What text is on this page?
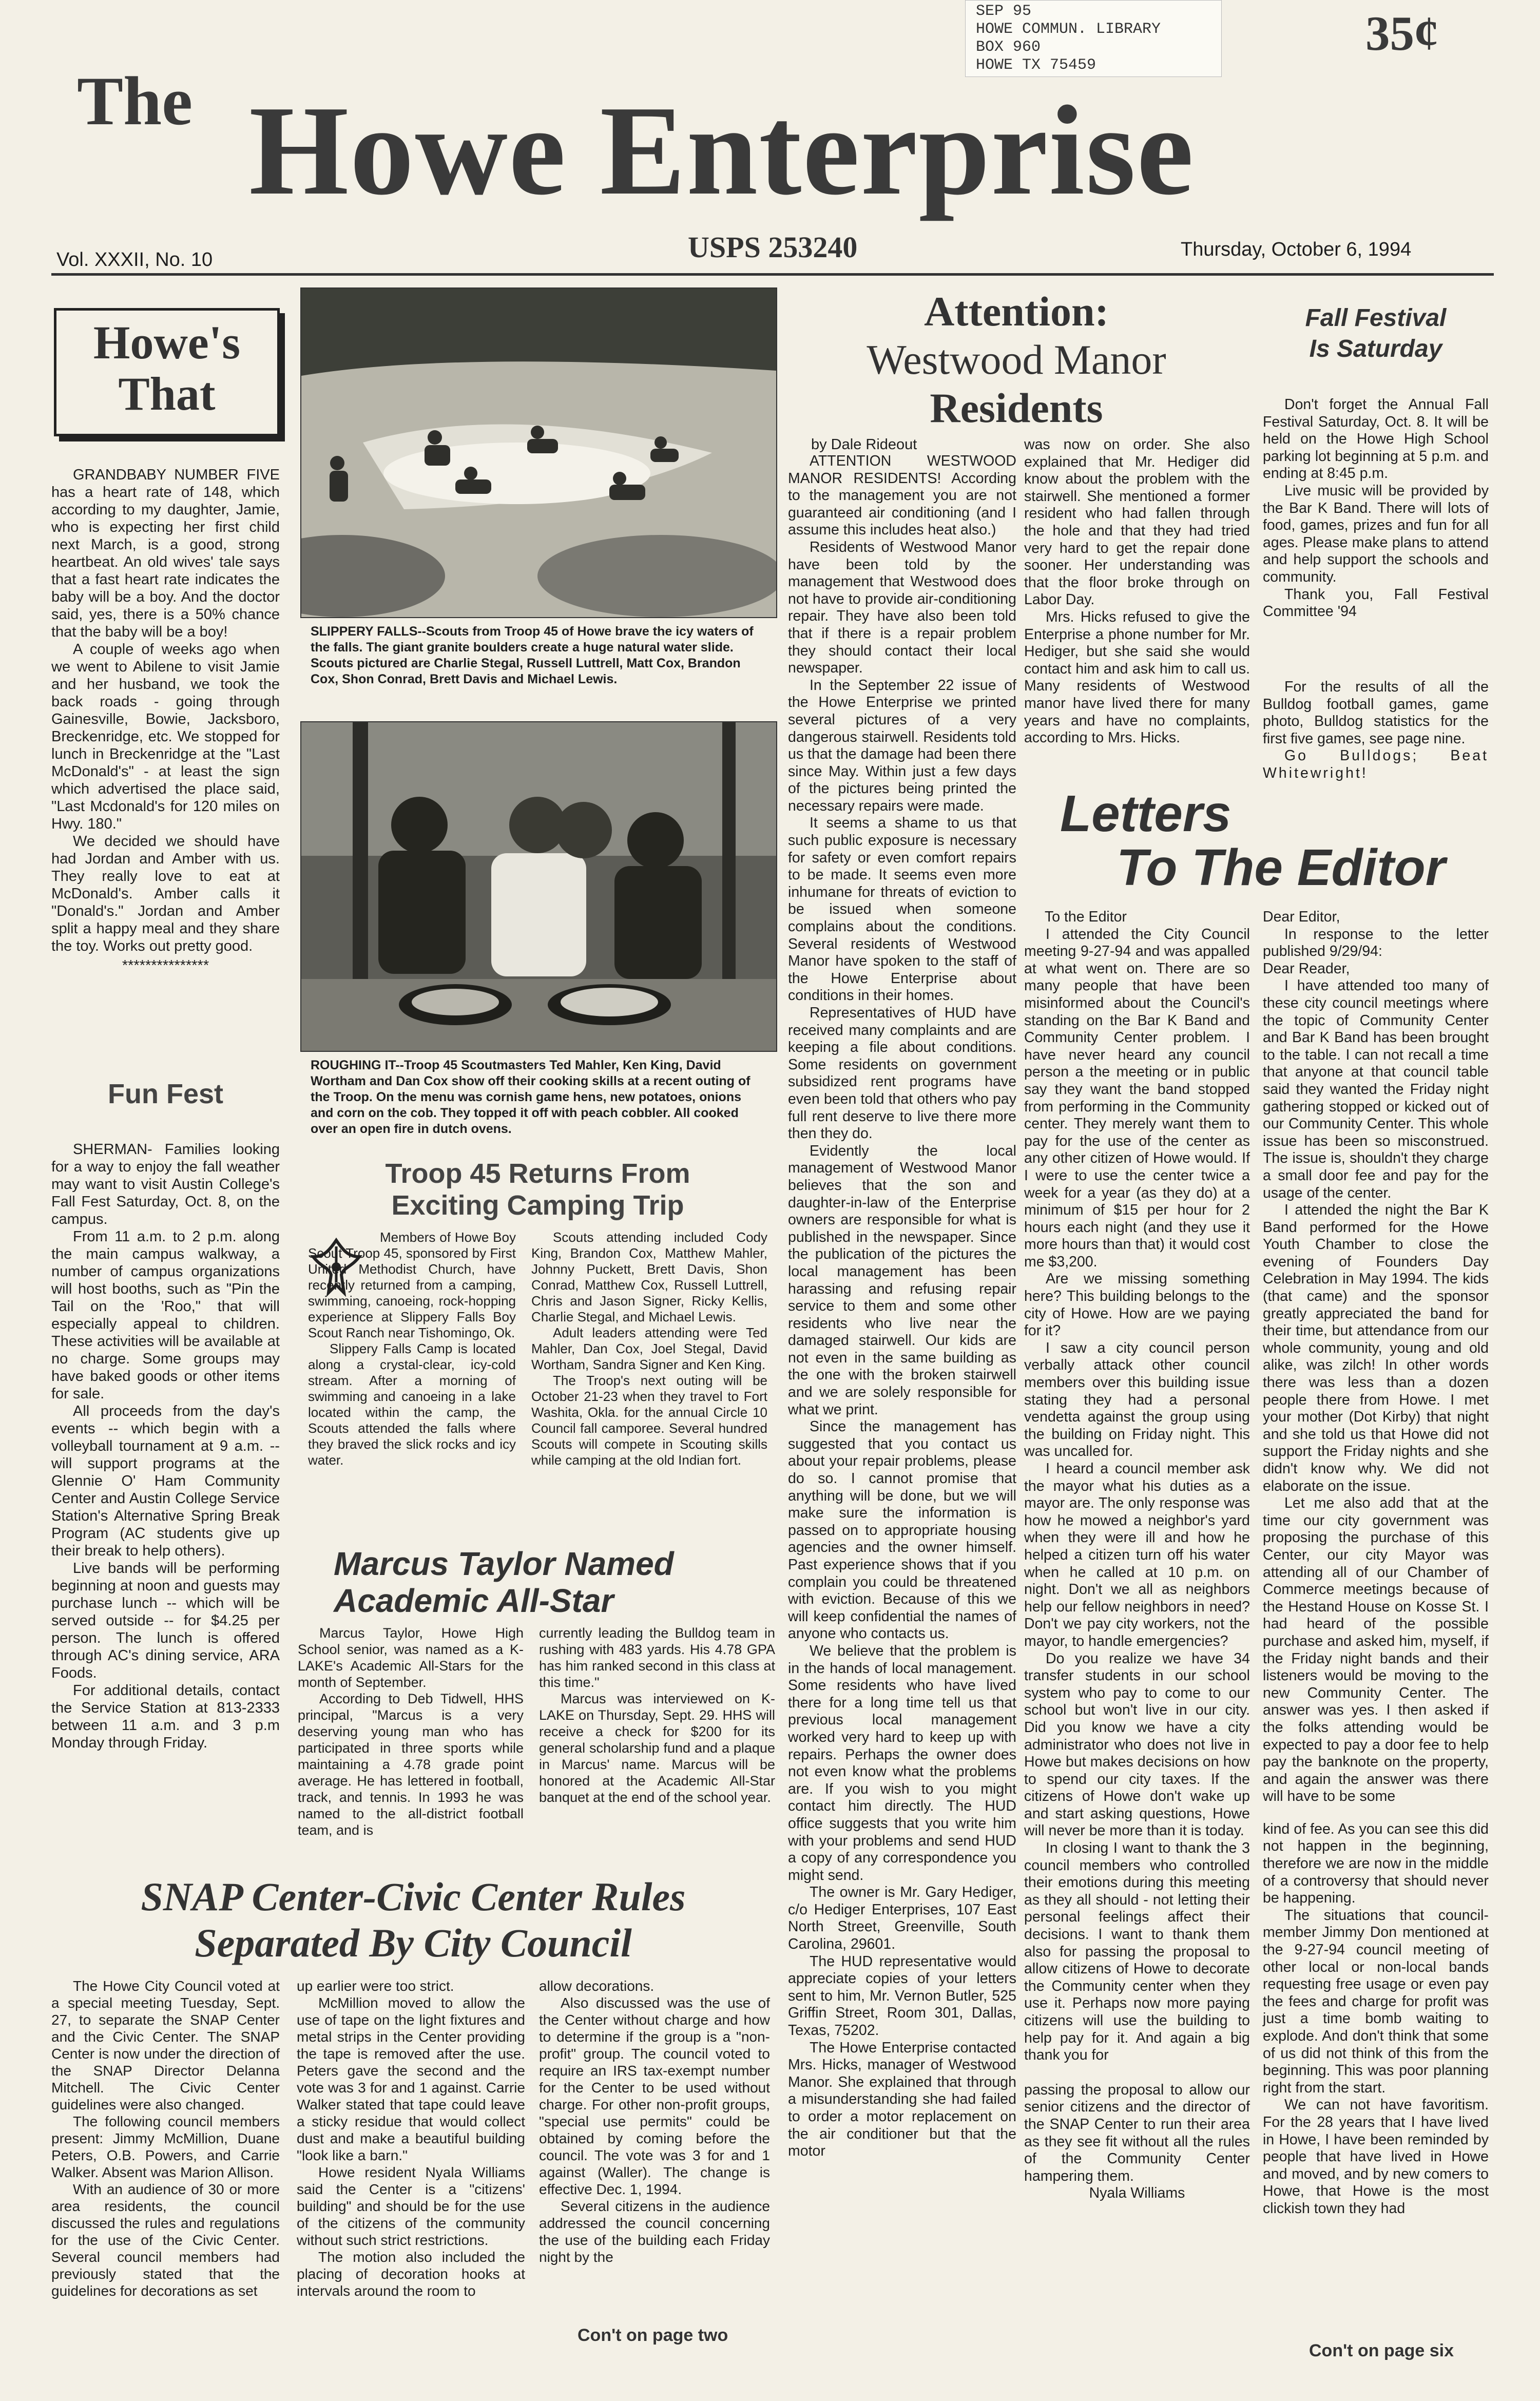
SEP 95
HOWE COMMUN. LIBRARY
BOX 960
HOWE TX 75459
The Howe Enterprise
35¢
Vol. XXXII, No. 10	USPS 253240	Thursday, October 6, 1994
Howe's
That

GRANDBABY NUMBER FIVE has a heart rate of 148, which according to my daughter, Jamie, who is expecting her first child next March, is a good, strong heartbeat. An old wives' tale says that a fast heart rate indicates the baby will be a boy. And the doctor said, yes, there is a 50% chance that the baby will be a boy!

A couple of weeks ago when we went to Abilene to visit Jamie and her husband, we took the back roads - going through Gainesville, Bowie, Jacksboro, Breckenridge, etc. We stopped for lunch in Breckenridge at the "Last McDonald's" - at least the sign which advertised the place said, "Last Mcdonald's for 120 miles on Hwy. 180."

We decided we should have had Jordan and Amber with us. They really love to eat at McDonald's. Amber calls it "Donald's." Jordan and Amber split a happy meal and they share the toy. Works out pretty good.

***************

Fun Fest

SHERMAN- Families looking for a way to enjoy the fall weather may want to visit Austin College's Fall Fest Saturday, Oct. 8, on the campus.

From 11 a.m. to 2 p.m. along the main campus walkway, a number of campus organizations will host booths, such as "Pin the Tail on the 'Roo," that will especially appeal to children. These activities will be available at no charge. Some groups may have baked goods or other items for sale.

All proceeds from the day's events -- which begin with a volleyball tournament at 9 a.m. -- will support programs at the Glennie O' Ham Community Center and Austin College Service Station's Alternative Spring Break Program (AC students give up their break to help others).

Live bands will be performing beginning at noon and guests may purchase lunch -- which will be served outside -- for $4.25 per person. The lunch is offered through AC's dining service, ARA Foods.

For additional details, contact the Service Station at 813-2333 between 11 a.m. and 3 p.m Monday through Friday.

SLIPPERY FALLS--Scouts from Troop 45 of Howe brave the icy waters of the falls. The giant granite boulders create a huge natural water slide. Scouts pictured are Charlie Stegal, Russell Luttrell, Matt Cox, Brandon Cox, Shon Conrad, Brett Davis and Michael Lewis.
ROUGHING IT--Troop 45 Scoutmasters Ted Mahler, Ken King, David Wortham and Dan Cox show off their cooking skills at a recent outing of the Troop. On the menu was cornish game hens, new potatoes, onions and corn on the cob. They topped it off with peach cobbler. All cooked over an open fire in dutch ovens.
Troop 45 Returns From
Exciting Camping Trip

Members of Howe Boy Scout Troop 45, sponsored by First United Methodist Church, have recently returned from a camping, swimming, canoeing, rock-hopping experience at Slippery Falls Boy Scout Ranch near Tishomingo, Ok.

Slippery Falls Camp is located along a crystal-clear, icy-cold stream. After a morning of swimming and canoeing in a lake located within the camp, the Scouts attended the falls where they braved the slick rocks and icy water.

Scouts attending included Cody King, Brandon Cox, Matthew Mahler, Johnny Puckett, Brett Davis, Shon Conrad, Matthew Cox, Russell Luttrell, Chris and Jason Signer, Ricky Kellis, Charlie Stegal, and Michael Lewis.

Adult leaders attending were Ted Mahler, Dan Cox, Joel Stegal, David Wortham, Sandra Signer and Ken King.

The Troop's next outing will be October 21-23 when they travel to Fort Washita, Okla. for the annual Circle 10 Council fall camporee. Several hundred Scouts will compete in Scouting skills while camping at the old Indian fort.

Marcus Taylor Named
Academic All-Star

Marcus Taylor, Howe High School senior, was named as a K-LAKE's Academic All-Stars for the month of September.

According to Deb Tidwell, HHS principal, "Marcus is a very deserving young man who has participated in three sports while maintaining a 4.78 grade point average. He has lettered in football, track, and tennis. In 1993 he was named to the all-district football team, and is

currently leading the Bulldog team in rushing with 483 yards. His 4.78 GPA has him ranked second in this class at this time."

Marcus was interviewed on K-LAKE on Thursday, Sept. 29. HHS will receive a check for $200 for its general scholarship fund and a plaque in Marcus' name. Marcus will be honored at the Academic All-Star banquet at the end of the school year.

SNAP Center-Civic Center Rules
Separated By City Council

The Howe City Council voted at a special meeting Tuesday, Sept. 27, to separate the SNAP Center and the Civic Center. The SNAP Center is now under the direction of the SNAP Director Delanna Mitchell. The Civic Center guidelines were also changed.

The following council members present: Jimmy McMillion, Duane Peters, O.B. Powers, and Carrie Walker. Absent was Marion Allison.

With an audience of 30 or more area residents, the council discussed the rules and regulations for the use of the Civic Center. Several council members had previously stated that the guidelines for decorations as set

up earlier were too strict.

McMillion moved to allow the use of tape on the light fixtures and metal strips in the Center providing the tape is removed after the use. Peters gave the second and the vote was 3 for and 1 against. Carrie Walker stated that tape could leave a sticky residue that would collect dust and make a beautiful building "look like a barn."

Howe resident Nyala Williams said the Center is a "citizens' building" and should be for the use of the citizens of the community without such strict restrictions.

The motion also included the placing of decoration hooks at intervals around the room to

allow decorations.

Also discussed was the use of the Center without charge and how to determine if the group is a "non-profit" group. The council voted to require an IRS tax-exempt number for the Center to be used without charge. For other non-profit groups, "special use permits" could be obtained by coming before the council. The vote was 3 for and 1 against (Waller). The change is effective Dec. 1, 1994.

Several citizens in the audience addressed the council concerning the use of the building each Friday night by the

Con't on page two
Attention:
Westwood Manor
Residents
by Dale Rideout

ATTENTION WESTWOOD MANOR RESIDENTS! According to the management you are not guaranteed air conditioning (and I assume this includes heat also.)

Residents of Westwood Manor have been told by the management that Westwood does not have to provide air-conditioning repair. They have also been told that if there is a repair problem they should contact their local newspaper.

In the September 22 issue of the Howe Enterprise we printed several pictures of a very dangerous stairwell. Residents told us that the damage had been there since May. Within just a few days of the pictures being printed the necessary repairs were made.

It seems a shame to us that such public exposure is necessary for safety or even comfort repairs to be made. It seems even more inhumane for threats of eviction to be issued when someone complains about the conditions. Several residents of Westwood Manor have spoken to the staff of the Howe Enterprise about conditions in their homes.

Representatives of HUD have received many complaints and are keeping a file about conditions. Some residents on government subsidized rent programs have even been told that others who pay full rent deserve to live there more then they do.

Evidently the local management of Westwood Manor believes that the son and daughter-in-law of the Enterprise owners are responsible for what is published in the newspaper. Since the publication of the pictures the local management has been harassing and refusing repair service to them and some other residents who live near the damaged stairwell. Our kids are not even in the same building as the one with the broken stairwell and we are solely responsible for what we print.

Since the management has suggested that you contact us about your repair problems, please do so. I cannot promise that anything will be done, but we will make sure the information is passed on to appropriate housing agencies and the owner himself. Past experience shows that if you complain you could be threatened with eviction. Because of this we will keep confidential the names of anyone who contacts us.

We believe that the problem is in the hands of local management. Some residents who have lived there for a long time tell us that previous local management worked very hard to keep up with repairs. Perhaps the owner does not even know what the problems are. If you wish to you might contact him directly. The HUD office suggests that you write him with your problems and send HUD a copy of any correspondence you might send.

The owner is Mr. Gary Hediger, c/o Hediger Enterprises, 107 East North Street, Greenville, South Carolina, 29601.

The HUD representative would appreciate copies of your letters sent to him, Mr. Vernon Butler, 525 Griffin Street, Room 301, Dallas, Texas, 75202.

The Howe Enterprise contacted Mrs. Hicks, manager of Westwood Manor. She explained that through a misunderstanding she had failed to order a motor replacement on the air conditioner but that the motor

was now on order. She also explained that Mr. Hediger did know about the problem with the stairwell. She mentioned a former resident who had fallen through the hole and that they had tried very hard to get the repair done sooner. Her understanding was that the floor broke through on Labor Day.

Mrs. Hicks refused to give the Enterprise a phone number for Mr. Hediger, but she said she would contact him and ask him to call us. Many residents of Westwood manor have lived there for many years and have no complaints, according to Mrs. Hicks.

Fall Festival
Is Saturday

Don't forget the Annual Fall Festival Saturday, Oct. 8. It will be held on the Howe High School parking lot beginning at 5 p.m. and ending at 8:45 p.m.

Live music will be provided by the Bar K Band. There will lots of food, games, prizes and fun for all ages. Please make plans to attend and help support the schools and community.

Thank you, Fall Festival Committee '94

For the results of all the Bulldog football games, game photo, Bulldog statistics for the first five games, see page nine.

Go Bulldogs; Beat Whitewright!

Letters
To The Editor

To the Editor

I attended the City Council meeting 9-27-94 and was appalled at what went on. There are so many people that have been misinformed about the Council's standing on the Bar K Band and Community Center problem. I have never heard any council person a the meeting or in public say they want the band stopped from performing in the Community center. They merely want them to pay for the use of the center as any other citizen of Howe would. If I were to use the center twice a week for a year (as they do) at a minimum of $15 per hour for 2 hours each night (and they use it more hours than that) it would cost me $3,200.

Are we missing something here? This building belongs to the city of Howe. How are we paying for it?

I saw a city council person verbally attack other council members over this building issue stating they had a personal vendetta against the group using the building on Friday night. This was uncalled for.

I heard a council member ask the mayor what his duties as a mayor are. The only response was how he mowed a neighbor's yard when they were ill and how he helped a citizen turn off his water when he called at 10 p.m. on night. Don't we all as neighbors help our fellow neighbors in need? Don't we pay city workers, not the mayor, to handle emergencies?

Do you realize we have 34 transfer students in our school system who pay to come to our school but won't live in our city. Did you know we have a city administrator who does not live in Howe but makes decisions on how to spend our city taxes. If the citizens of Howe don't wake up and start asking questions, Howe will never be more than it is today.

In closing I want to thank the 3 council members who controlled their emotions during this meeting as they all should - not letting their personal feelings affect their decisions. I want to thank them also for passing the proposal to allow citizens of Howe to decorate the Community center when they use it. Perhaps now more paying citizens will use the building to help pay for it. And again a big thank you for

passing the proposal to allow our senior citizens and the director of the SNAP Center to run their area as they see fit without all the rules of the Community Center hampering them.

Nyala Williams

Dear Editor,

In response to the letter published 9/29/94:

Dear Reader,

I have attended too many of these city council meetings where the topic of Community Center and Bar K Band has been brought to the table. I can not recall a time that anyone at that council table said they wanted the Friday night gathering stopped or kicked out of our Community Center. This whole issue has been so misconstrued. The issue is, shouldn't they charge a small door fee and pay for the usage of the center.

I attended the night the Bar K Band performed for the Howe Youth Chamber to close the evening of Founders Day Celebration in May 1994. The kids (that came) and the sponsor greatly appreciated the band for their time, but attendance from our whole community, young and old alike, was zilch! In other words there was less than a dozen people there from Howe. I met your mother (Dot Kirby) that night and she told us that Howe did not support the Friday nights and she didn't know why. We did not elaborate on the issue.

Let me also add that at the time our city government was proposing the purchase of this Center, our city Mayor was attending all of our Chamber of Commerce meetings because of the Hestand House on Kosse St. I had heard of the possible purchase and asked him, myself, if the Friday night bands and their listeners would be moving to the new Community Center. The answer was yes. I then asked if the folks attending would be expected to pay a door fee to help pay the banknote on the property, and again the answer was there will have to be some

kind of fee. As you can see this did not happen in the beginning, therefore we are now in the middle of a controversy that should never be happening.

The situations that council-member Jimmy Don mentioned at the 9-27-94 council meeting of other local or non-local bands requesting free usage or even pay the fees and charge for profit was just a time bomb waiting to explode. And don't think that some of us did not think of this from the beginning. This was poor planning right from the start.

We can not have favoritism. For the 28 years that I have lived in Howe, I have been reminded by people that have lived in Howe and moved, and by new comers to Howe, that Howe is the most clickish town they had

Con't on page six
